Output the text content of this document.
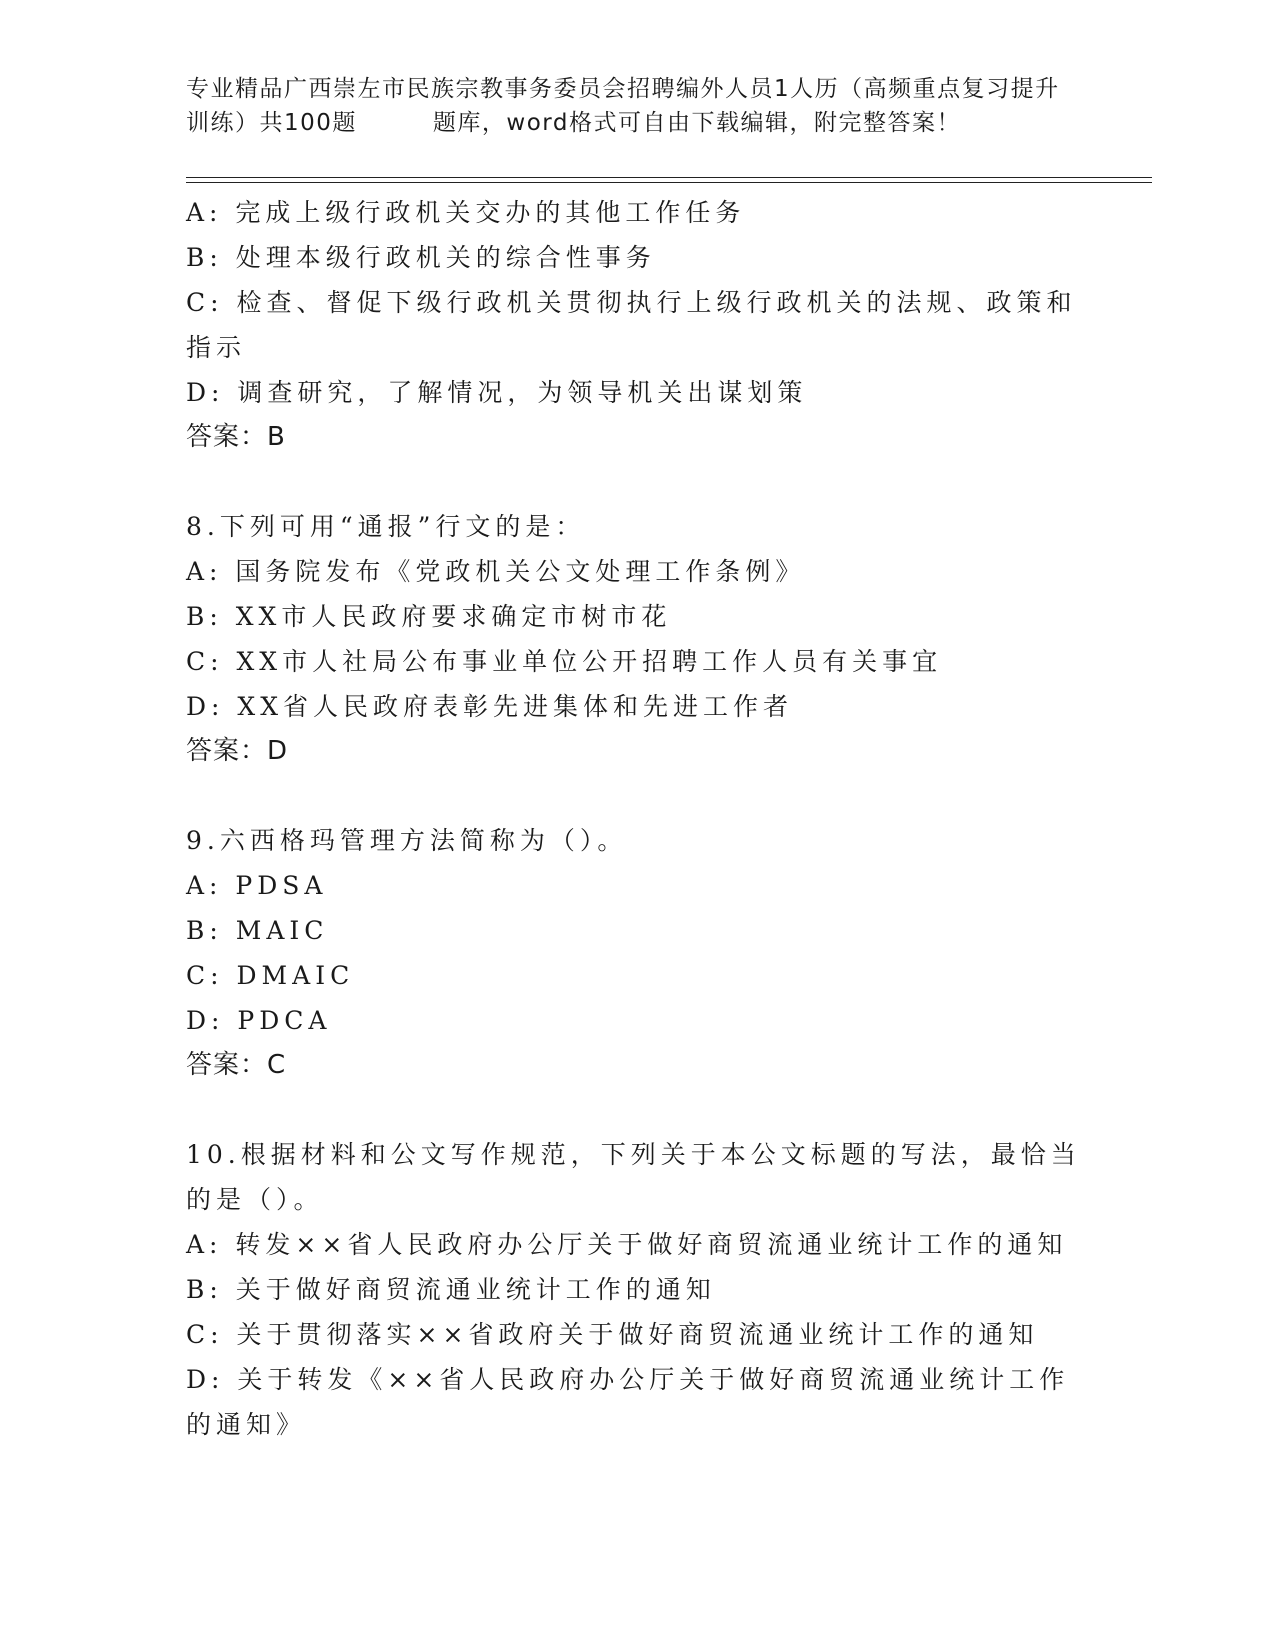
专业精品广西崇左市民族宗教事务委员会招聘编外人员1人历（高频重点复习提升
训练）共100题	题库，word格式可自由下载编辑，附完整答案！

A: 完成上级行政机关交办的其他工作任务

B: 处理本级行政机关的综合性事务

C: 检查、督促下级行政机关贯彻执行上级行政机关的法规、政策和指示

D: 调查研究，了解情况，为领导机关出谋划策

答案：B

8.下列可用“通报”行文的是：

A: 国务院发布《党政机关公文处理工作条例》

B: XX市人民政府要求确定市树市花

C: XX市人社局公布事业单位公开招聘工作人员有关事宜

D: XX省人民政府表彰先进集体和先进工作者

答案：D

9.六西格玛管理方法简称为（）。

A: PDSA

B: MAIC

C: DMAIC

D: PDCA

答案：C

10.根据材料和公文写作规范，下列关于本公文标题的写法，最恰当的是（）。

A: 转发××省人民政府办公厅关于做好商贸流通业统计工作的通知

B: 关于做好商贸流通业统计工作的通知

C: 关于贯彻落实××省政府关于做好商贸流通业统计工作的通知

D: 关于转发《××省人民政府办公厅关于做好商贸流通业统计工作的通知》
